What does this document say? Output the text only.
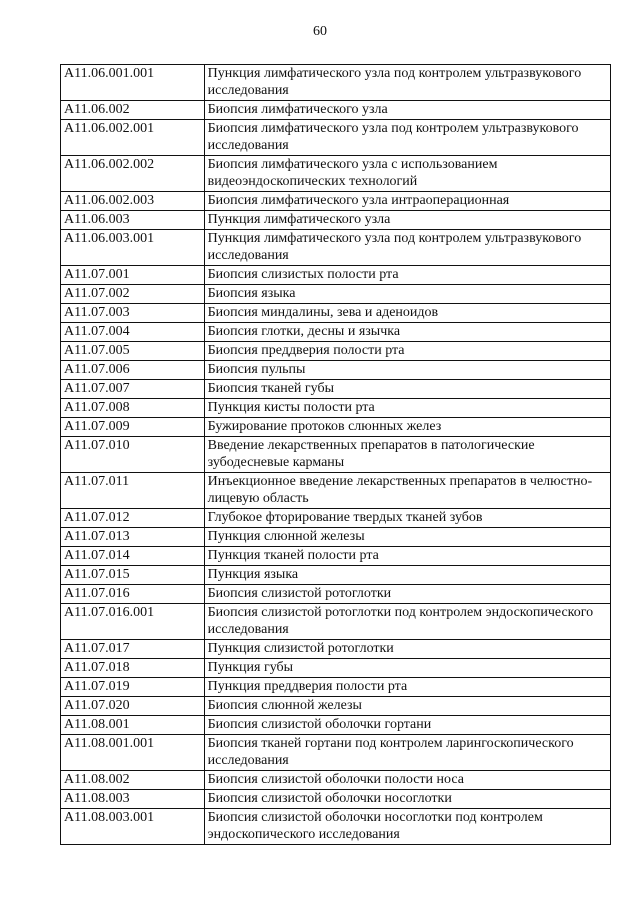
60
A11.06.001.001	Пункция лимфатического узла под контролем ультразвукового исследования
A11.06.002	Биопсия лимфатического узла
A11.06.002.001	Биопсия лимфатического узла под контролем ультразвукового исследования
A11.06.002.002	Биопсия лимфатического узла с использованием видеоэндоскопических технологий
A11.06.002.003	Биопсия лимфатического узла интраоперационная
A11.06.003	Пункция лимфатического узла
A11.06.003.001	Пункция лимфатического узла под контролем ультразвукового исследования
A11.07.001	Биопсия слизистых полости рта
A11.07.002	Биопсия языка
A11.07.003	Биопсия миндалины, зева и аденоидов
A11.07.004	Биопсия глотки, десны и язычка
A11.07.005	Биопсия преддверия полости рта
A11.07.006	Биопсия пульпы
A11.07.007	Биопсия тканей губы
A11.07.008	Пункция кисты полости рта
A11.07.009	Бужирование протоков слюнных желез
A11.07.010	Введение лекарственных препаратов в патологические зубодесневые карманы
A11.07.011	Инъекционное введение лекарственных препаратов в челюстно-лицевую область
A11.07.012	Глубокое фторирование твердых тканей зубов
A11.07.013	Пункция слюнной железы
A11.07.014	Пункция тканей полости рта
A11.07.015	Пункция языка
A11.07.016	Биопсия слизистой ротоглотки
A11.07.016.001	Биопсия слизистой ротоглотки под контролем эндоскопического исследования
A11.07.017	Пункция слизистой ротоглотки
A11.07.018	Пункция губы
A11.07.019	Пункция преддверия полости рта
A11.07.020	Биопсия слюнной железы
A11.08.001	Биопсия слизистой оболочки гортани
A11.08.001.001	Биопсия тканей гортани под контролем ларингоскопического исследования
A11.08.002	Биопсия слизистой оболочки полости носа
A11.08.003	Биопсия слизистой оболочки носоглотки
A11.08.003.001	Биопсия слизистой оболочки носоглотки под контролем эндоскопического исследования
